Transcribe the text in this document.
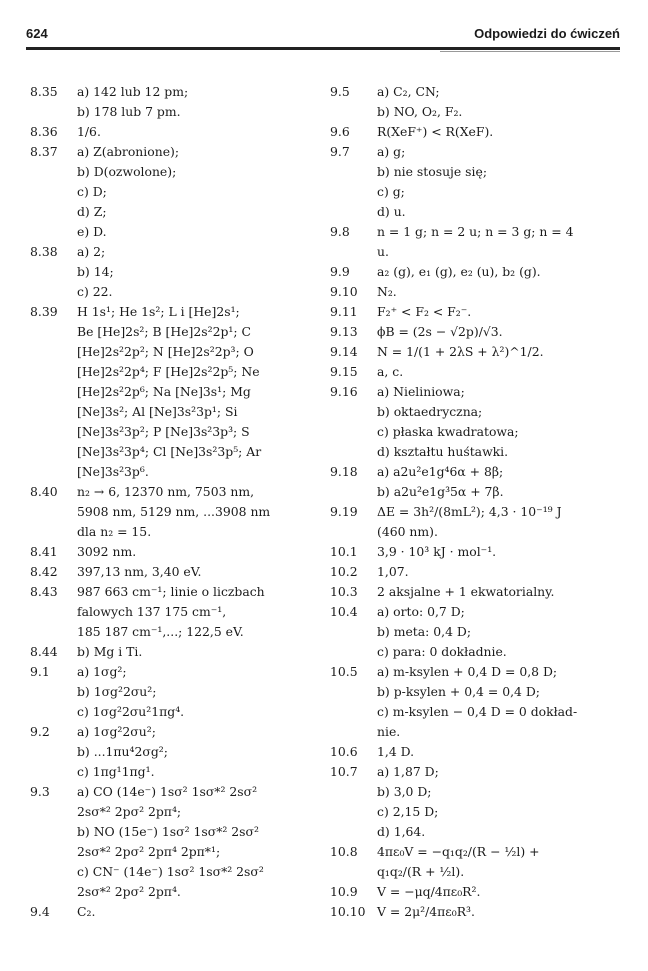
624	Odpowiedzi do ćwiczeń
8.35	a) 142 lub 12 pm;
b) 178 lub 7 pm.
8.36	1/6.
8.37	a) Z(abronione);
b) D(ozwolone);
c) D;
d) Z;
e) D.
8.38	a) 2;
b) 14;
c) 22.
8.39	H 1s¹; He 1s²; L i [He]2s¹;
Be [He]2s²; B [He]2s²2p¹; C
[He]2s²2p²; N [He]2s²2p³; O
[He]2s²2p⁴; F [He]2s²2p⁵; Ne
[He]2s²2p⁶; Na [Ne]3s¹; Mg
[Ne]3s²; Al [Ne]3s²3p¹; Si
[Ne]3s²3p²; P [Ne]3s²3p³; S
[Ne]3s²3p⁴; Cl [Ne]3s²3p⁵; Ar
[Ne]3s²3p⁶.
8.40	n₂ → 6, 12370 nm, 7503 nm,
5908 nm, 5129 nm, ...3908 nm
dla n₂ = 15.
8.41	3092 nm.
8.42	397,13 nm, 3,40 eV.
8.43	987 663 cm⁻¹; linie o liczbach
falowych 137 175 cm⁻¹,
185 187 cm⁻¹,...; 122,5 eV.
8.44	b) Mg i Ti.
9.1	a) 1σg²;
b) 1σg²2σu²;
c) 1σg²2σu²1πg⁴.
9.2	a) 1σg²2σu²;
b) ...1πu⁴2σg²;
c) 1πg¹1πg¹.
9.3	a) CO (14e⁻) 1sσ² 1sσ*² 2sσ²
2sσ*² 2pσ² 2pπ⁴;
b) NO (15e⁻) 1sσ² 1sσ*² 2sσ²
2sσ*² 2pσ² 2pπ⁴ 2pπ*¹;
c) CN⁻ (14e⁻) 1sσ² 1sσ*² 2sσ²
2sσ*² 2pσ² 2pπ⁴.
9.4	C₂.
9.5	a) C₂, CN;
b) NO, O₂, F₂.
9.6	R(XeF⁺) < R(XeF).
9.7	a) g;
b) nie stosuje się;
c) g;
d) u.
9.8	n = 1 g; n = 2 u; n = 3 g; n = 4
u.
9.9	a₂ (g), e₁ (g), e₂ (u), b₂ (g).
9.10	N₂.
9.11	F₂⁺ < F₂ < F₂⁻.
9.13	ϕB = (2s − √2p)/√3.
9.14	N = 1/(1 + 2λS + λ²)^1/2.
9.15	a, c.
9.16	a) Nieliniowa;
b) oktaedryczna;
c) płaska kwadratowa;
d) kształtu huśtawki.
9.18	a) a2u²e1g⁴6α + 8β;
b) a2u²e1g³5α + 7β.
9.19	ΔE = 3h²/(8mL²); 4,3 · 10⁻¹⁹ J
(460 nm).
10.1	3,9 · 10³ kJ · mol⁻¹.
10.2	1,07.
10.3	2 aksjalne + 1 ekwatorialny.
10.4	a) orto: 0,7 D;
b) meta: 0,4 D;
c) para: 0 dokładnie.
10.5	a) m-ksylen + 0,4 D = 0,8 D;
b) p-ksylen + 0,4 = 0,4 D;
c) m-ksylen − 0,4 D = 0 dokład-
nie.
10.6	1,4 D.
10.7	a) 1,87 D;
b) 3,0 D;
c) 2,15 D;
d) 1,64.
10.8	4πε₀V = −q₁q₂/(R − ½l) +
q₁q₂/(R + ½l).
10.9	V = −μq/4πε₀R².
10.10 V = 2μ²/4πε₀R³.
